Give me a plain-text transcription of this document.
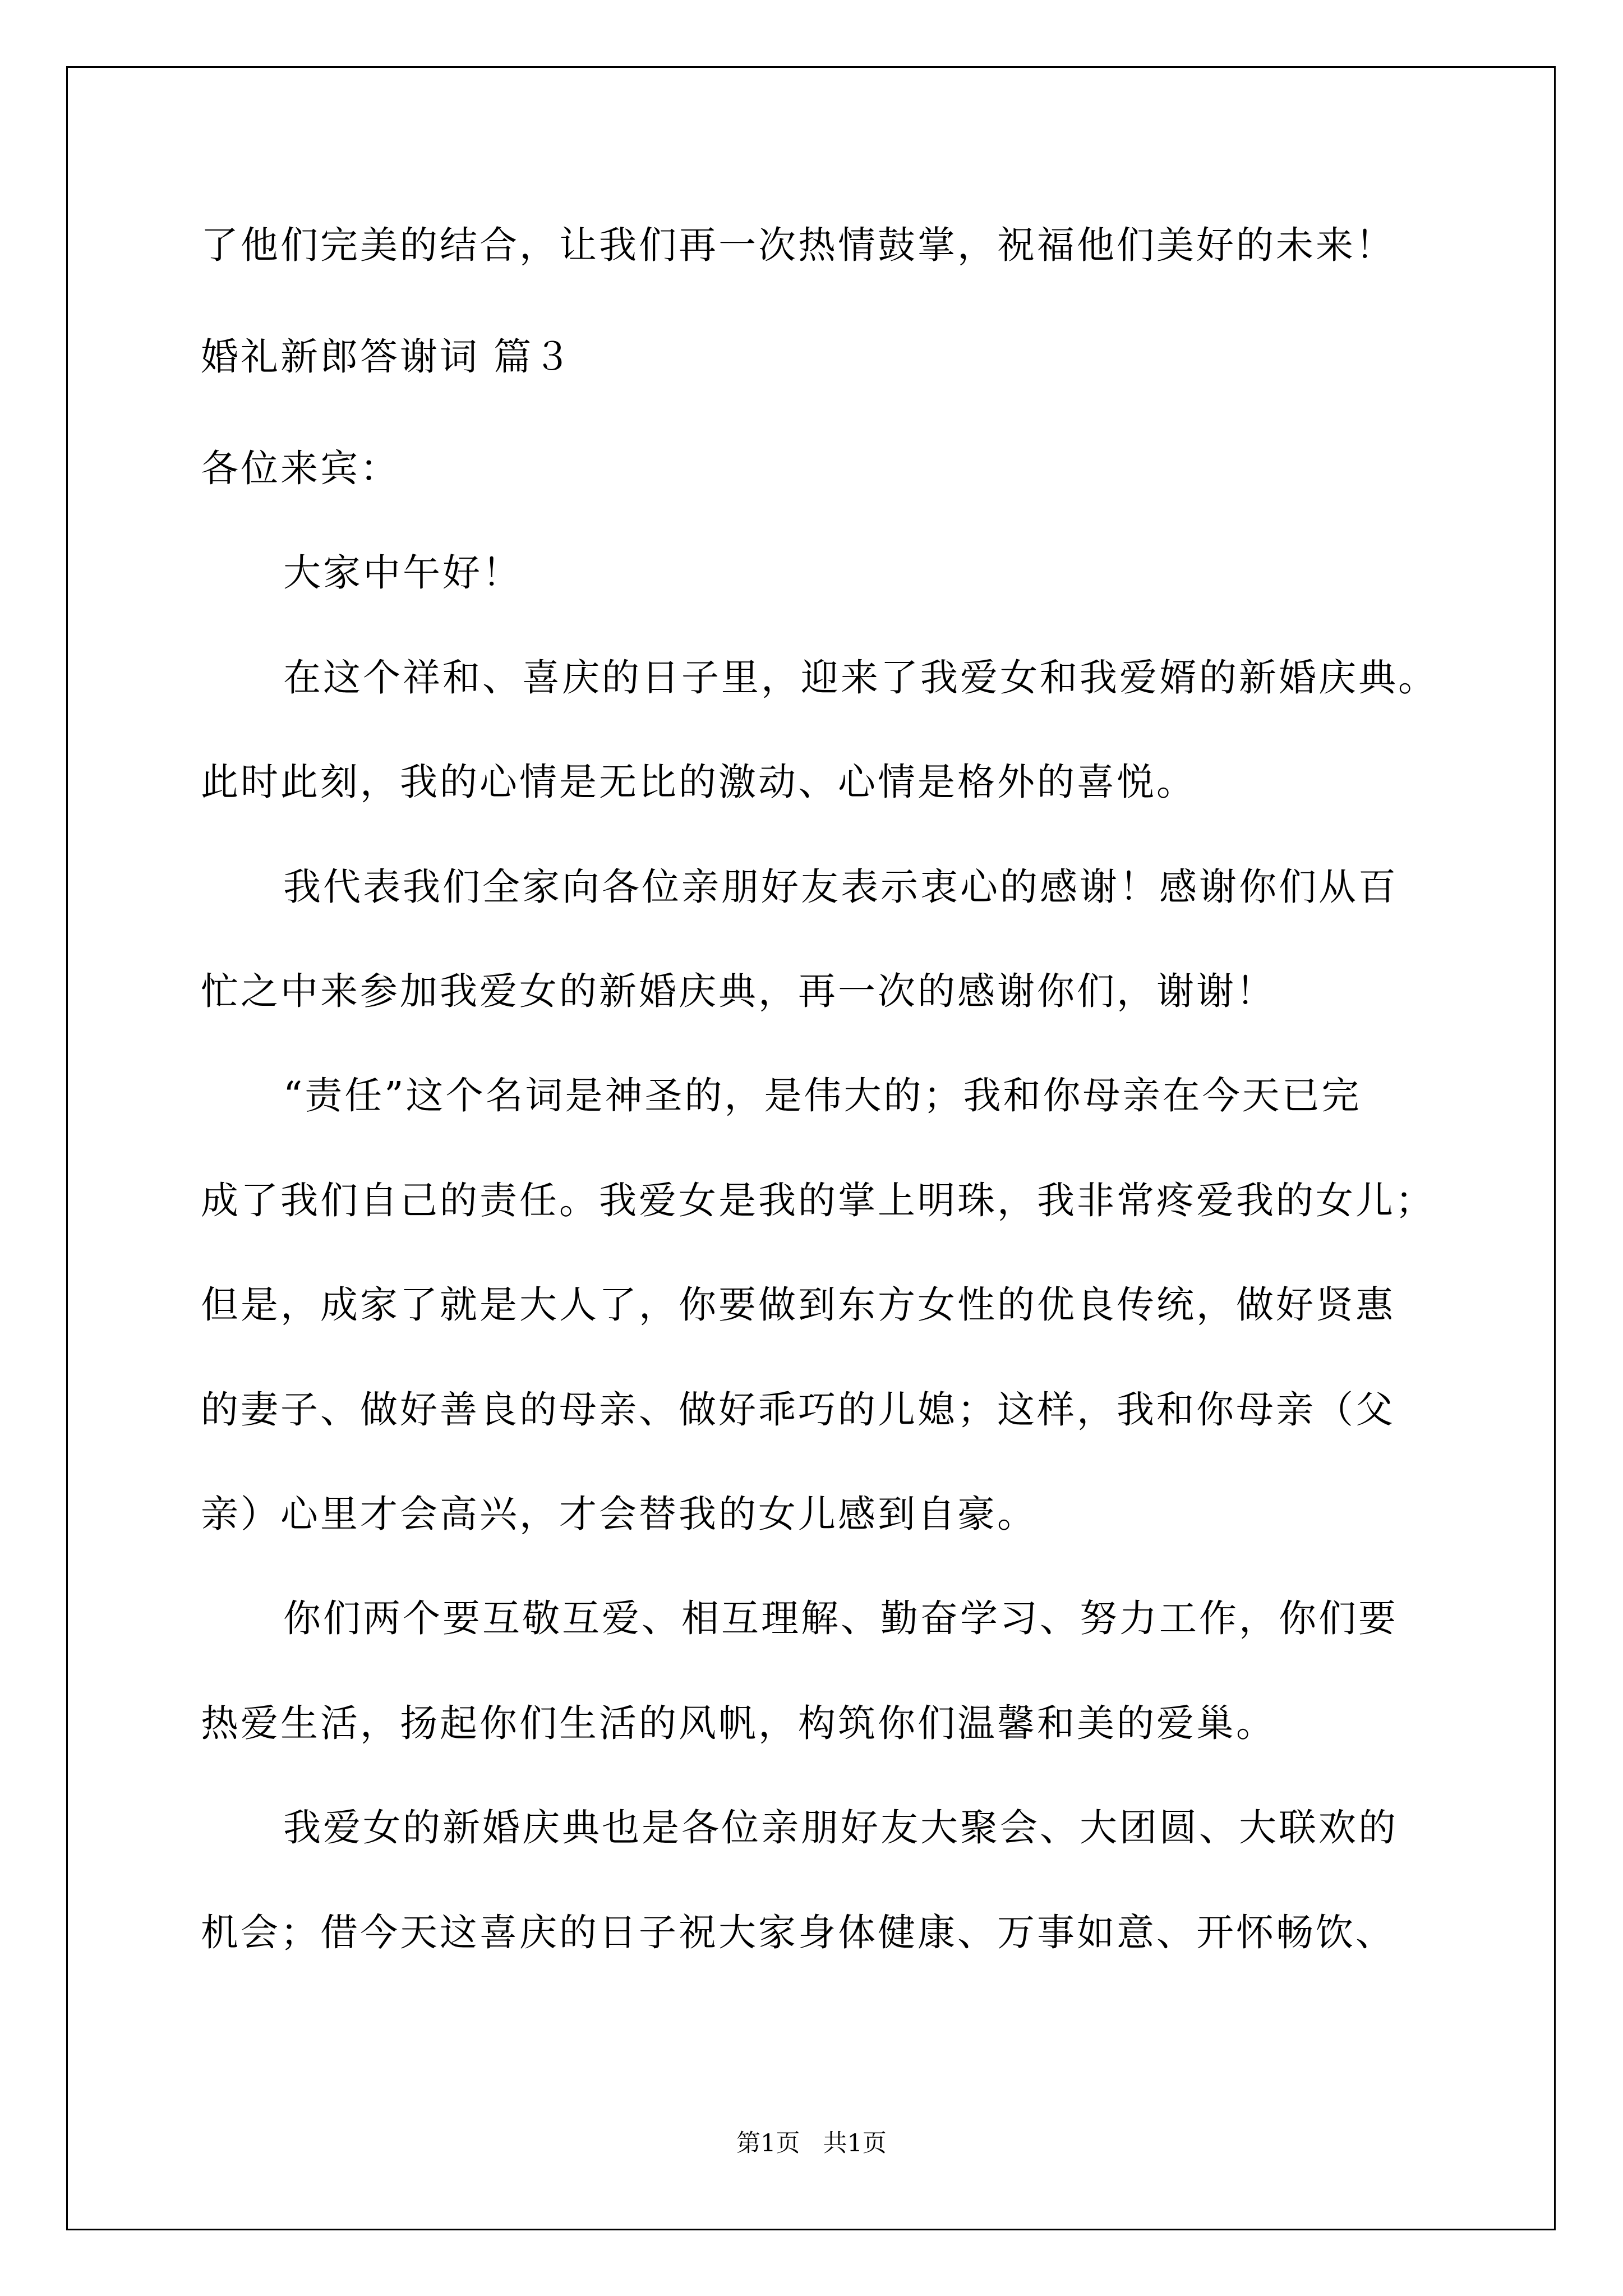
了他们完美的结合，让我们再一次热情鼓掌，祝福他们美好的未来！
婚礼新郎答谢词 篇３
各位来宾：
大家中午好！
在这个祥和、喜庆的日子里，迎来了我爱女和我爱婿的新婚庆典。
此时此刻，我的心情是无比的激动、心情是格外的喜悦。
我代表我们全家向各位亲朋好友表示衷心的感谢！感谢你们从百
忙之中来参加我爱女的新婚庆典，再一次的感谢你们，谢谢！
“责任”这个名词是神圣的，是伟大的；我和你母亲在今天已完
成了我们自己的责任。我爱女是我的掌上明珠，我非常疼爱我的女儿；
但是，成家了就是大人了，你要做到东方女性的优良传统，做好贤惠
的妻子、做好善良的母亲、做好乖巧的儿媳；这样，我和你母亲（父
亲）心里才会高兴，才会替我的女儿感到自豪。
你们两个要互敬互爱、相互理解、勤奋学习、努力工作，你们要
热爱生活，扬起你们生活的风帆，构筑你们温馨和美的爱巢。
我爱女的新婚庆典也是各位亲朋好友大聚会、大团圆、大联欢的
机会；借今天这喜庆的日子祝大家身体健康、万事如意、开怀畅饮、
第1页   共1页
